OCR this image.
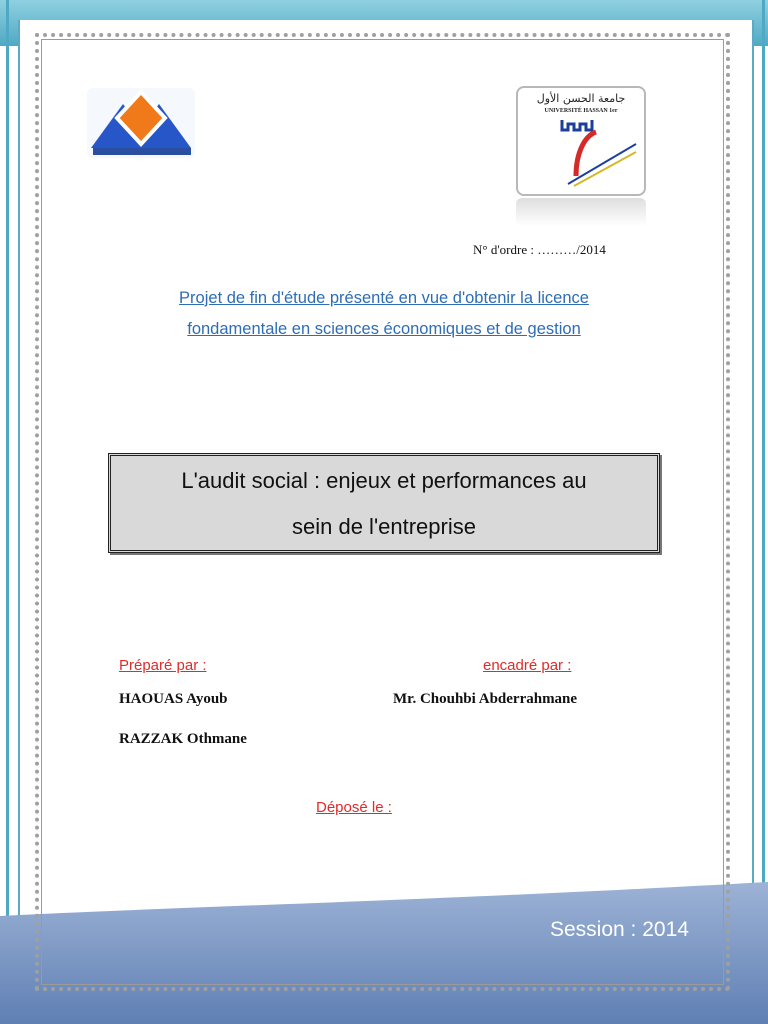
جامعة الحسن الأول
UNIVERSITÉ HASSAN 1er
N° d'ordre : ………/2014
Projet de fin d'étude présenté en vue d'obtenir la licence
fondamentale en sciences économiques et de gestion
L'audit social : enjeux et performances au
sein de l'entreprise
Préparé par :	encadré par :
HAOUAS Ayoub	Mr. Chouhbi Abderrahmane
RAZZAK Othmane
Déposé le :
Session : 2014
